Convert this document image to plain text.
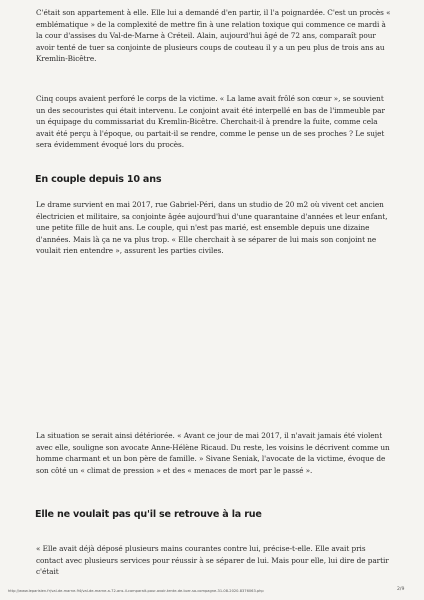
C'était son appartement à elle. Elle lui a demandé d'en partir, il l'a poignardée. C'est un procès « emblématique » de la complexité de mettre fin à une relation toxique qui commence ce mardi à la cour d'assises du Val-de-Marne à Créteil. Alain, aujourd'hui âgé de 72 ans, comparaît pour avoir tenté de tuer sa conjointe de plusieurs coups de couteau il y a un peu plus de trois ans au Kremlin-Bicêtre.

Cinq coups avaient perforé le corps de la victime. « La lame avait frôlé son cœur », se souvient un des secouristes qui était intervenu. Le conjoint avait été interpellé en bas de l'immeuble par un équipage du commissariat du Kremlin-Bicêtre. Cherchait-il à prendre la fuite, comme cela avait été perçu à l'époque, ou partait-il se rendre, comme le pense un de ses proches ? Le sujet sera évidemment évoqué lors du procès.

En couple depuis 10 ans

Le drame survient en mai 2017, rue Gabriel-Péri, dans un studio de 20 m2 où vivent cet ancien électricien et militaire, sa conjointe âgée aujourd'hui d'une quarantaine d'années et leur enfant, une petite fille de huit ans. Le couple, qui n'est pas marié, est ensemble depuis une dizaine d'années. Mais là ça ne va plus trop. « Elle cherchait à se séparer de lui mais son conjoint ne voulait rien entendre », assurent les parties civiles.

La situation se serait ainsi détériorée. « Avant ce jour de mai 2017, il n'avait jamais été violent avec elle, souligne son avocate Anne-Hélène Ricaud. Du reste, les voisins le décrivent comme un homme charmant et un bon père de famille. » Sivane Seniak, l'avocate de la victime, évoque de son côté un « climat de pression » et des « menaces de mort par le passé ».

Elle ne voulait pas qu'il se retrouve à la rue

« Elle avait déjà déposé plusieurs mains courantes contre lui, précise-t-elle. Elle avait pris contact avec plusieurs services pour réussir à se séparer de lui. Mais pour elle, lui dire de partir c'était

http://www.leparisien.fr/val-de-marne-94/val-de-marne-a-72-ans-il-comparait-pour-avoir-tente-de-tuer-sa-compagne-31-08-2020-8376063.php	2/9
